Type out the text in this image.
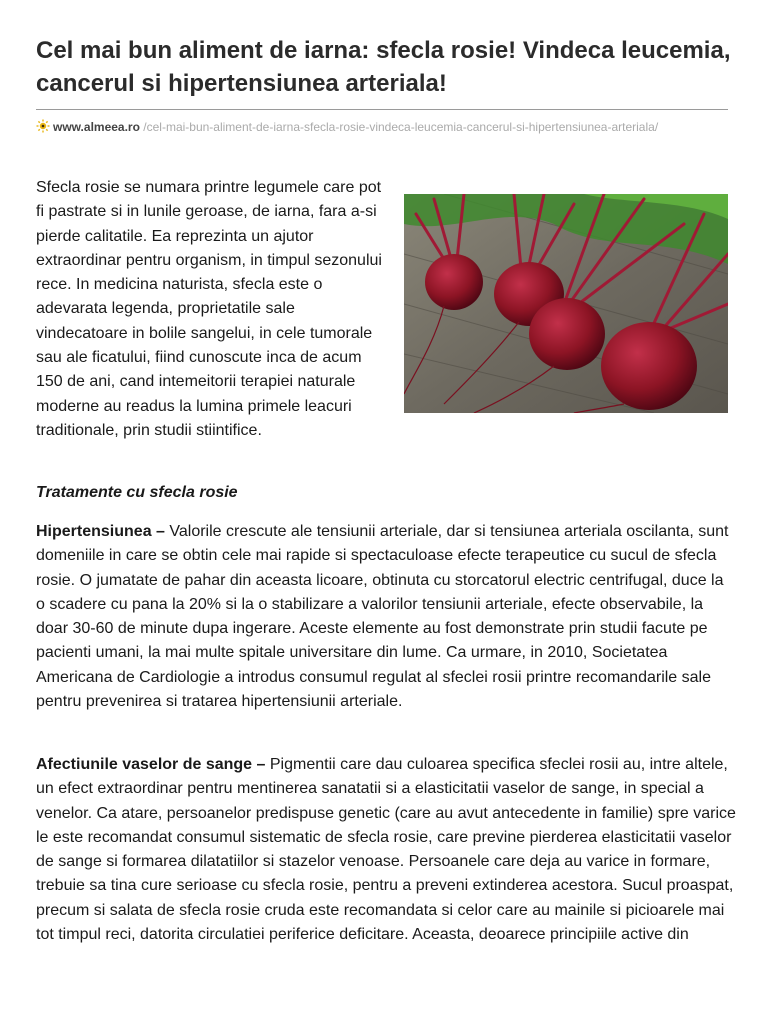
Cel mai bun aliment de iarna: sfecla rosie! Vindeca leucemia, cancerul si hipertensiunea arteriala!
www.almeea.ro /cel-mai-bun-aliment-de-iarna-sfecla-rosie-vindeca-leucemia-cancerul-si-hipertensiunea-arteriala/

Sfecla rosie se numara printre legumele care pot fi pastrate si in lunile geroase, de iarna, fara a-si pierde calitatile. Ea reprezinta un ajutor extraordinar pentru organism, in timpul sezonului rece. In medicina naturista, sfecla este o adevarata legenda, proprietatile sale vindecatoare in bolile sangelui, in cele tumorale sau ale ficatului, fiind cunoscute inca de acum 150 de ani, cand intemeitorii terapiei naturale moderne au readus la lumina primele leacuri traditionale, prin studii stiintifice.

Tratamente cu sfecla rosie

Hipertensiunea – Valorile crescute ale tensiunii arteriale, dar si tensiunea arteriala oscilanta, sunt domeniile in care se obtin cele mai rapide si spectaculoase efecte terapeutice cu sucul de sfecla rosie. O jumatate de pahar din aceasta licoare, obtinuta cu storcatorul electric centrifugal, duce la o scadere cu pana la 20% si la o stabilizare a valorilor tensiunii arteriale, efecte observabile, la doar 30-60 de minute dupa ingerare. Aceste elemente au fost demonstrate prin studii facute pe pacienti umani, la mai multe spitale universitare din lume. Ca urmare, in 2010, Societatea Americana de Cardiologie a introdus consumul regulat al sfeclei rosii printre recomandarile sale pentru prevenirea si tratarea hipertensiunii arteriale.

Afectiunile vaselor de sange – Pigmentii care dau culoarea specifica sfeclei rosii au, intre altele, un efect extraordinar pentru mentinerea sanatatii si a elasticitatii vaselor de sange, in special a venelor. Ca atare, persoanelor predispuse genetic (care au avut antecedente in familie) spre varice le este recomandat consumul sistematic de sfecla rosie, care previne pierderea elasticitatii vaselor de sange si formarea dilatatiilor si stazelor venoase. Persoanele care deja au varice in formare, trebuie sa tina cure serioase cu sfecla rosie, pentru a preveni extinderea acestora. Sucul proaspat, precum si salata de sfecla rosie cruda este recomandata si celor care au mainile si picioarele mai tot timpul reci, datorita circulatiei periferice deficitare. Aceasta, deoarece principiile active din
